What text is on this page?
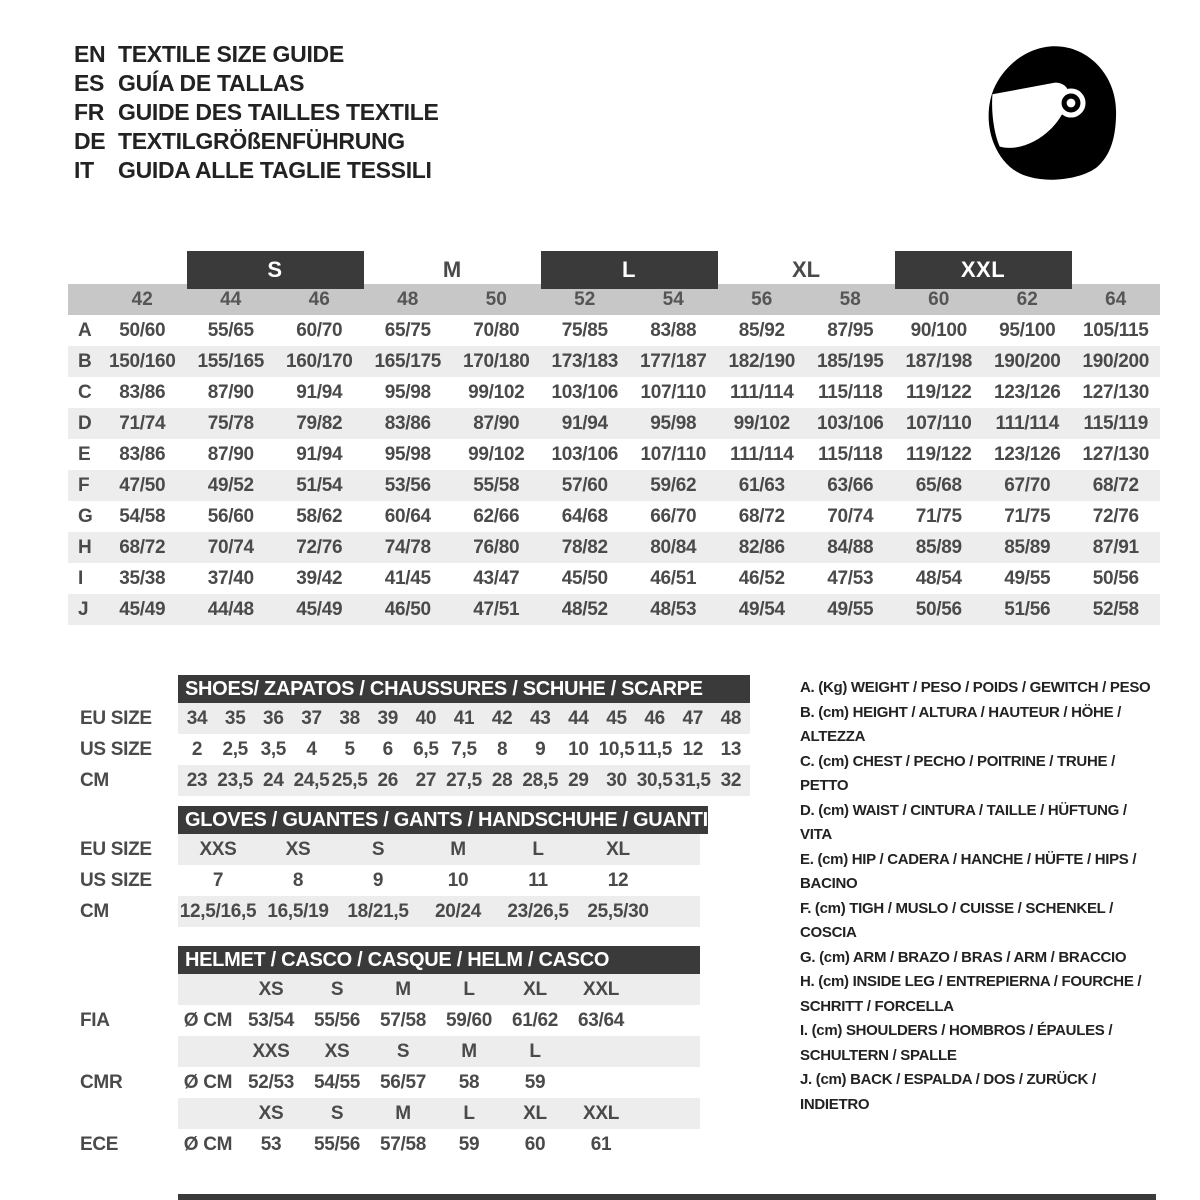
EN TEXTILE SIZE GUIDE
ES GUÍA DE TALLAS
FR GUIDE DES TAILLES TEXTILE
DE TEXTILGRÖßENFÜHRUNG
IT	GUIDA ALLE TAGLIE TESSILI
S	M	L	XL	XXL
42	44	46	48	50	52	54	56	58	60	62	64
A	50/60	55/65	60/70	65/75	70/80	75/85	83/88	85/92	87/95	90/100	95/100	105/115
B 150/160	155/165	160/170	165/175	170/180	173/183	177/187	182/190	185/195	187/198	190/200	190/200
C	83/86	87/90	91/94	95/98	99/102	103/106	107/110	111/114	115/118	119/122	123/126	127/130
D	71/74	75/78	79/82	83/86	87/90	91/94	95/98	99/102	103/106	107/110	111/114	115/119
E	83/86	87/90	91/94	95/98	99/102	103/106	107/110	111/114	115/118	119/122	123/126	127/130
F	47/50	49/52	51/54	53/56	55/58	57/60	59/62	61/63	63/66	65/68	67/70	68/72
G	54/58	56/60	58/62	60/64	62/66	64/68	66/70	68/72	70/74	71/75	71/75	72/76
H	68/72	70/74	72/76	74/78	76/80	78/82	80/84	82/86	84/88	85/89	85/89	87/91
I	35/38	37/40	39/42	41/45	43/47	45/50	46/51	46/52	47/53	48/54	49/55	50/56
J	45/49	44/48	45/49	46/50	47/51	48/52	48/53	49/54	49/55	50/56	51/56	52/58
SHOES/ ZAPATOS / CHAUSSURES / SCHUHE / SCARPE
EU SIZE	34 35 36 37 38 39 40 41 42 43 44 45 46 47 48
US SIZE	2	2,5 3,5	4	5	6	6,5 7,5	8	9	10 10,5 11,5 12 13
CM	23 23,5 24 24,5 25,5 26 27 27,5 28 28,5 29 30 30,5 31,5 32
GLOVES / GUANTES / GANTS / HANDSCHUHE / GUANTI
EU SIZE	XXS	XS	S	M	L	XL
US SIZE	7	8	9	10	11	12
CM	12,5/16,5 16,5/19 18/21,5	20/24	23/26,5 25,5/30
HELMET / CASCO / CASQUE / HELM / CASCO
XS	S	M	L	XL	XXL
FIA	Ø CM 53/54	55/56	57/58	59/60	61/62	63/64
XXS	XS	S	M	L
CMR	Ø CM 52/53	54/55	56/57	58	59
XS	S	M	L	XL	XXL
ECE	Ø CM	53	55/56	57/58	59	60	61
A. (Kg) WEIGHT / PESO / POIDS / GEWITCH / PESO
B. (cm) HEIGHT / ALTURA / HAUTEUR / HÖHE / ALTEZZA
C. (cm) CHEST / PECHO / POITRINE / TRUHE / PETTO
D. (cm) WAIST / CINTURA / TAILLE / HÜFTUNG / VITA
E. (cm) HIP / CADERA / HANCHE / HÜFTE / HIPS / BACINO
F. (cm) TIGH / MUSLO / CUISSE / SCHENKEL / COSCIA
G. (cm) ARM / BRAZO / BRAS / ARM / BRACCIO
H. (cm) INSIDE LEG / ENTREPIERNA / FOURCHE / SCHRITT / FORCELLA
I. (cm) SHOULDERS / HOMBROS / ÉPAULES / SCHULTERN / SPALLE
J. (cm) BACK / ESPALDA / DOS / ZURÜCK / INDIETRO
